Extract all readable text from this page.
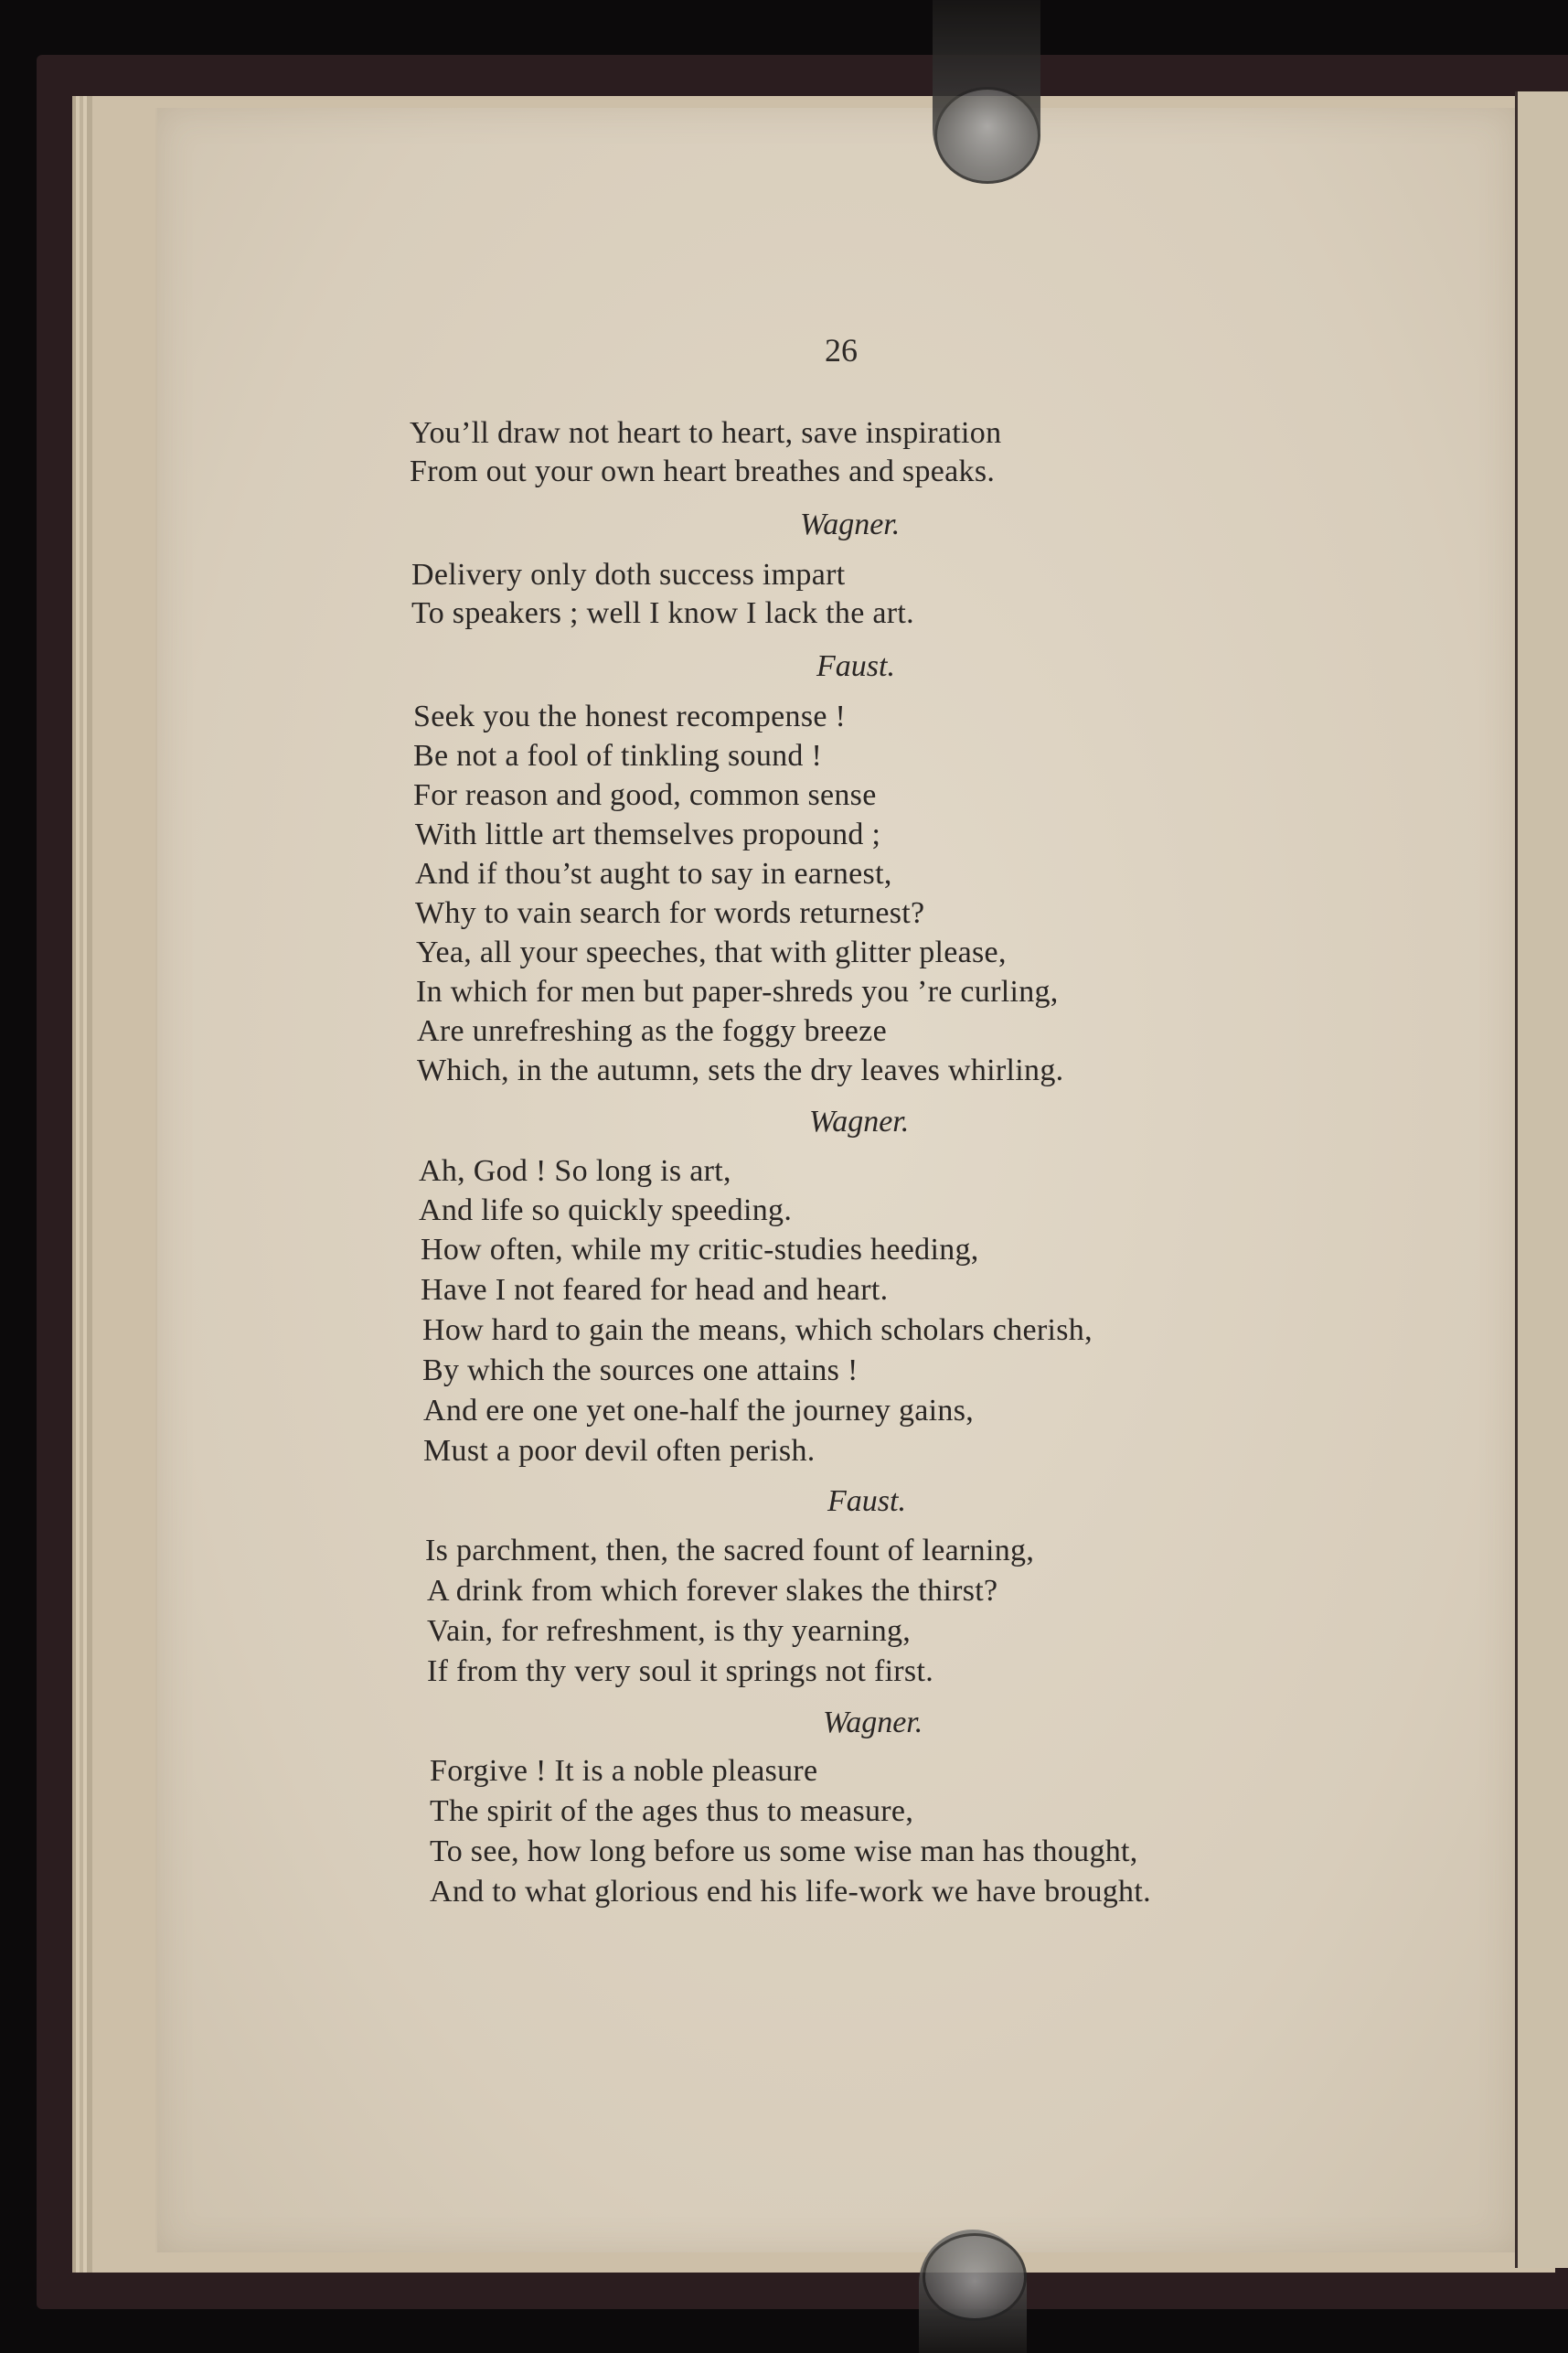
26
You’ll draw not heart to heart, save inspiration
From out your own heart breathes and speaks.
Wagner.
Delivery only doth success impart
To speakers ; well I know I lack the art.
Faust.
Seek you the honest recompense !
Be not a fool of tinkling sound !
For reason and good, common sense
With little art themselves propound ;
And if thou’st aught to say in earnest,
Why to vain search for words returnest?
Yea, all your speeches, that with glitter please,
In which for men but paper-shreds you ’re curling,
Are unrefreshing as the foggy breeze
Which, in the autumn, sets the dry leaves whirling.
Wagner.
Ah, God ! So long is art,
And life so quickly speeding.
How often, while my critic-studies heeding,
Have I not feared for head and heart.
How hard to gain the means, which scholars cherish,
By which the sources one attains !
And ere one yet one-half the journey gains,
Must a poor devil often perish.
Faust.
Is parchment, then, the sacred fount of learning,
A drink from which forever slakes the thirst?
Vain, for refreshment, is thy yearning,
If from thy very soul it springs not first.
Wagner.
Forgive ! It is a noble pleasure
The spirit of the ages thus to measure,
To see, how long before us some wise man has thought,
And to what glorious end his life-work we have brought.
